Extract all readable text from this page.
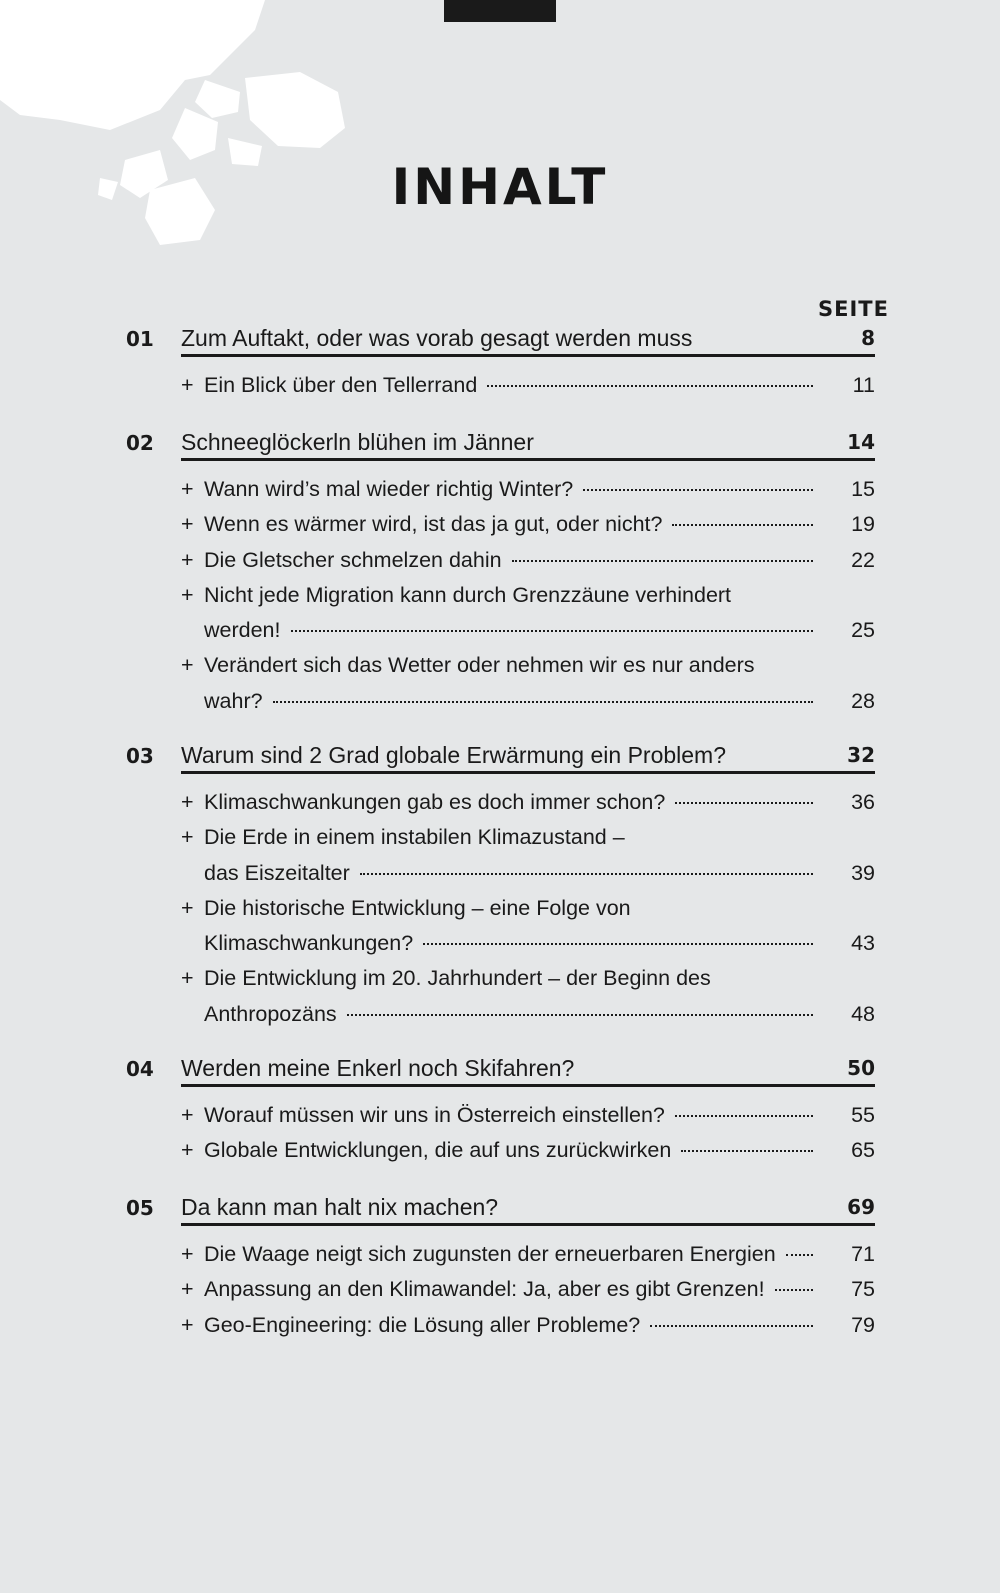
INHALT
SEITE
01 Zum Auftakt, oder was vorab gesagt werden muss	8
+ Ein Blick über den Tellerrand	11
02 Schneeglöckerln blühen im Jänner	14
+ Wann wird’s mal wieder richtig Winter?	15
+ Wenn es wärmer wird, ist das ja gut, oder nicht?	19
+ Die Gletscher schmelzen dahin	22
+ Nicht jede Migration kann durch Grenzzäune verhindert
werden!	25
+ Verändert sich das Wetter oder nehmen wir es nur anders
wahr?	28
03 Warum sind 2 Grad globale Erwärmung ein Problem?	32
+ Klimaschwankungen gab es doch immer schon?	36
+ Die Erde in einem instabilen Klimazustand –
das Eiszeitalter	39
+ Die historische Entwicklung – eine Folge von
Klimaschwankungen?	43
+ Die Entwicklung im 20. Jahrhundert – der Beginn des
Anthropozäns	48
04 Werden meine Enkerl noch Skifahren?	50
+ Worauf müssen wir uns in Österreich einstellen?	55
+ Globale Entwicklungen, die auf uns zurückwirken	65
05 Da kann man halt nix machen?	69
+ Die Waage neigt sich zugunsten der erneuerbaren Energien	71
+ Anpassung an den Klimawandel: Ja, aber es gibt Grenzen!	75
+ Geo-Engineering: die Lösung aller Probleme?	79
